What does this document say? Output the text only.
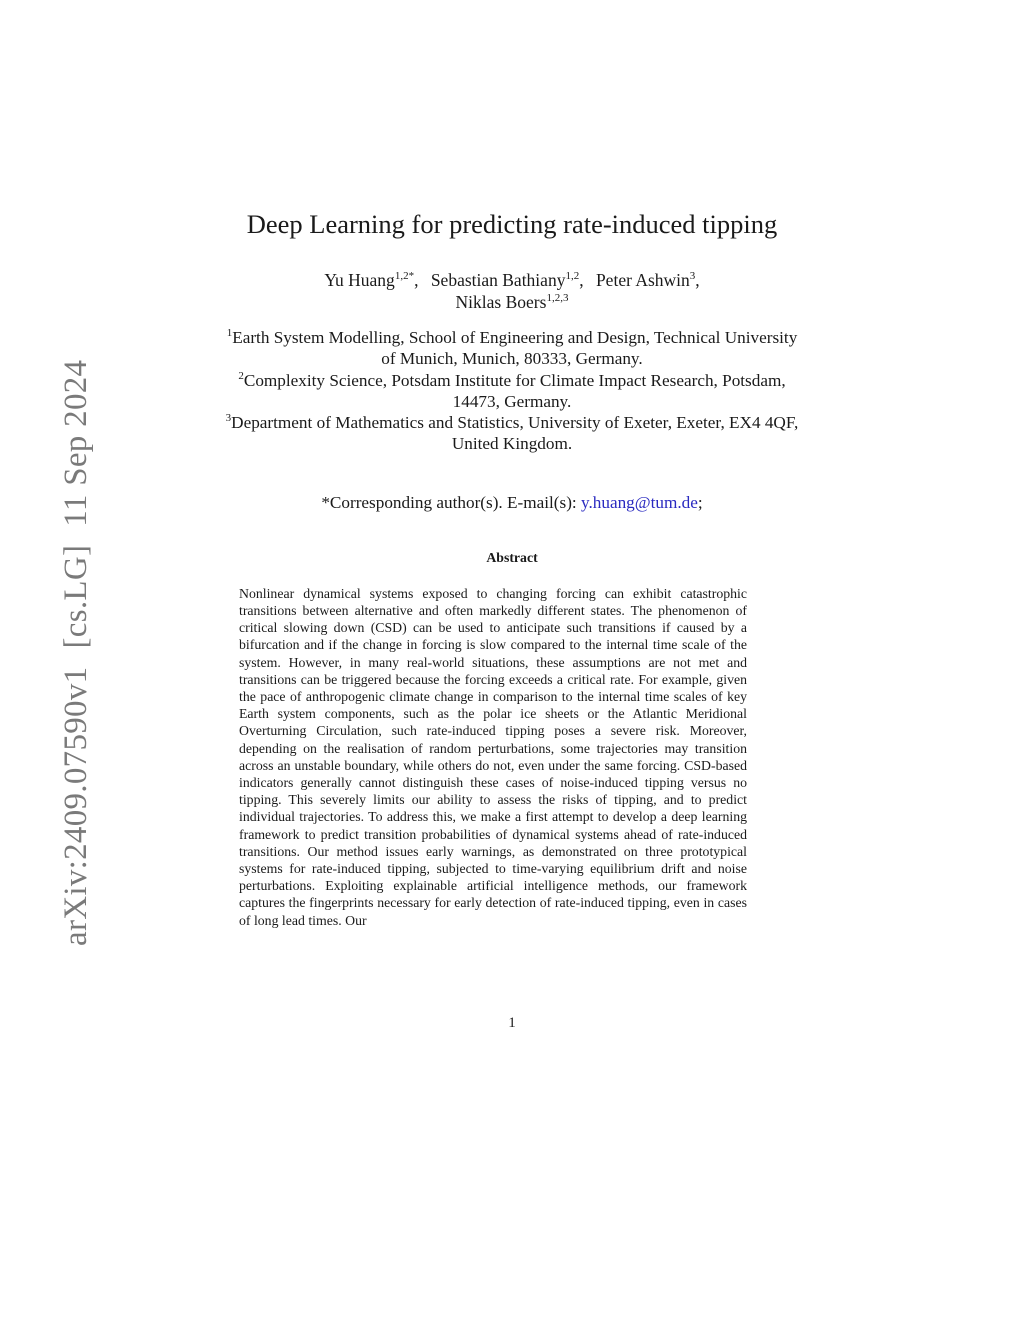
arXiv:2409.07590v1[cs.LG]11 Sep 2024
Deep Learning for predicting rate-induced tipping
Yu Huang$^{1,2*}$, Sebastian Bathiany$^{1,2}$, Peter Ashwin$^3$,
Niklas Boers$^{1,2,3}$
$^1$Earth System Modelling, School of Engineering and Design, Technical University of Munich, Munich, 80333, Germany.
$^2$Complexity Science, Potsdam Institute for Climate Impact Research, Potsdam, 14473, Germany.
$^3$Department of Mathematics and Statistics, University of Exeter, Exeter, EX4 4QF, United Kingdom.
*Corresponding author(s). E-mail(s): y.huang@tum.de;
Abstract

Nonlinear dynamical systems exposed to changing forcing can exhibit catastrophic transitions between alternative and often markedly different states. The phenomenon of critical slowing down (CSD) can be used to anticipate such transitions if caused by a bifurcation and if the change in forcing is slow compared to the internal time scale of the system. However, in many real-world situations, these assumptions are not met and transitions can be triggered because the forcing exceeds a critical rate. For example, given the pace of anthropogenic climate change in comparison to the internal time scales of key Earth system components, such as the polar ice sheets or the Atlantic Meridional Overturning Circulation, such rate-induced tipping poses a severe risk. Moreover, depending on the realisation of random perturbations, some trajectories may transition across an unstable boundary, while others do not, even under the same forcing. CSD-based indicators generally cannot distinguish these cases of noise-induced tipping versus no tipping. This severely limits our ability to assess the risks of tipping, and to predict individual trajectories. To address this, we make a first attempt to develop a deep learning framework to predict transition probabilities of dynamical systems ahead of rate-induced transitions. Our method issues early warnings, as demonstrated on three prototypical systems for rate-induced tipping, subjected to time-varying equilibrium drift and noise perturbations. Exploiting explainable artificial intelligence methods, our framework captures the fingerprints necessary for early detection of rate-induced tipping, even in cases of long lead times. Our

1
